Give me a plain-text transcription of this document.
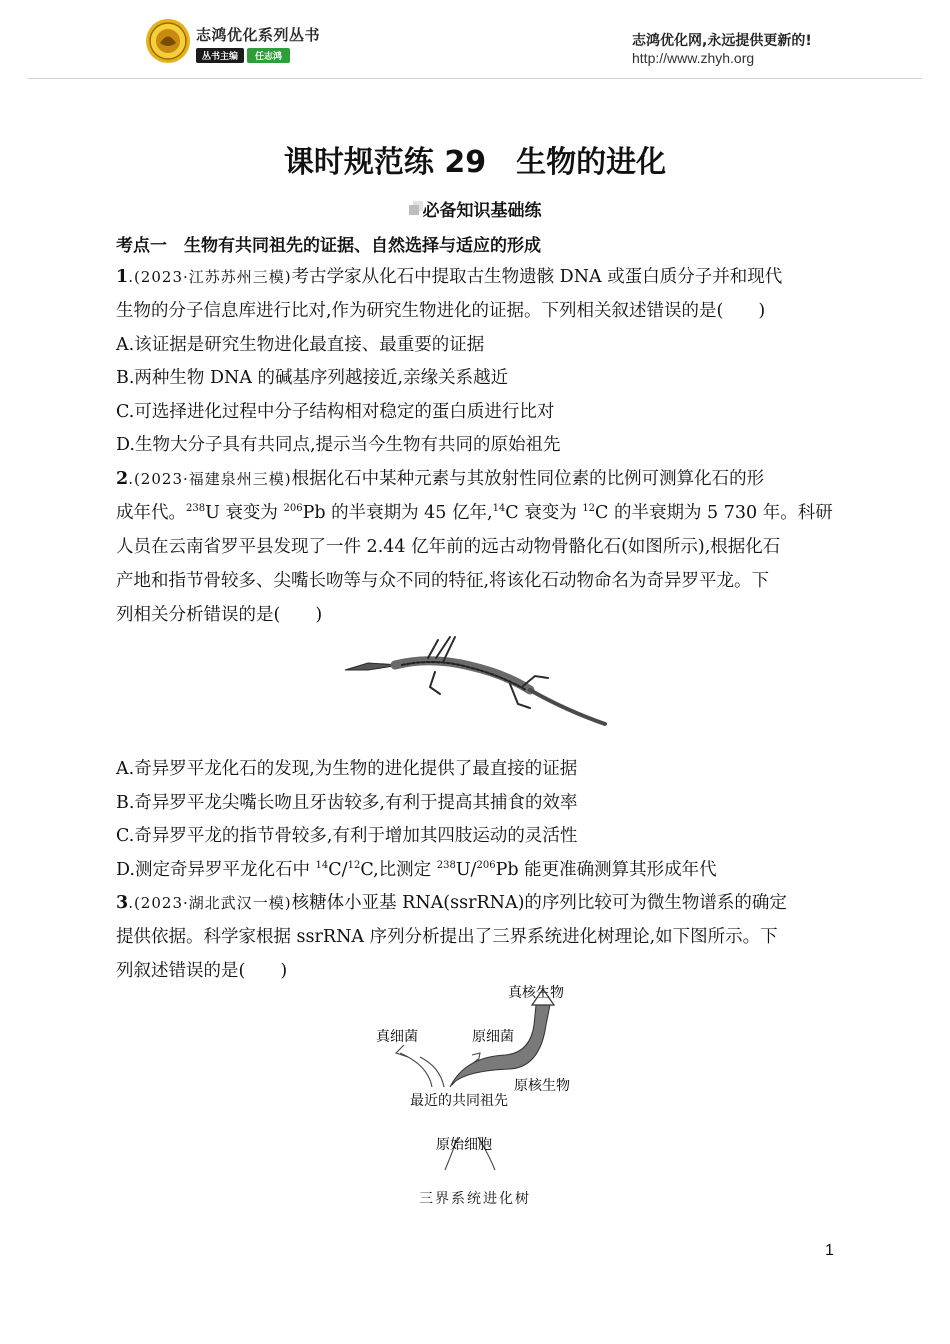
志鸿优化系列丛书
丛书主编	任志鸿
志鸿优化网,永远提供更新的!
http://www.zhyh.org
课时规范练 29　生物的进化
必备知识基础练
考点一　生物有共同祖先的证据、自然选择与适应的形成
1.(2023·江苏苏州三模)考古学家从化石中提取古生物遗骸 DNA 或蛋白质分子并和现代
生物的分子信息库进行比对,作为研究生物进化的证据。下列相关叙述错误的是(　　)
A.该证据是研究生物进化最直接、最重要的证据
B.两种生物 DNA 的碱基序列越接近,亲缘关系越近
C.可选择进化过程中分子结构相对稳定的蛋白质进行比对
D.生物大分子具有共同点,提示当今生物有共同的原始祖先
2.(2023·福建泉州三模)根据化石中某种元素与其放射性同位素的比例可测算化石的形
成年代。$^{238}$U 衰变为 $^{206}$Pb 的半衰期为 45 亿年,$^{14}$C 衰变为 $^{12}$C 的半衰期为 5 730 年。科研
人员在云南省罗平县发现了一件 2.44 亿年前的远古动物骨骼化石(如图所示),根据化石
产地和指节骨较多、尖嘴长吻等与众不同的特征,将该化石动物命名为奇异罗平龙。下
列相关分析错误的是(　　)
A.奇异罗平龙化石的发现,为生物的进化提供了最直接的证据
B.奇异罗平龙尖嘴长吻且牙齿较多,有利于提高其捕食的效率
C.奇异罗平龙的指节骨较多,有利于增加其四肢运动的灵活性
D.测定奇异罗平龙化石中 $^{14}$C/$^{12}$C,比测定 $^{238}$U/$^{206}$Pb 能更准确测算其形成年代
3.(2023·湖北武汉一模)核糖体小亚基 RNA(ssrRNA)的序列比较可为微生物谱系的确定
提供依据。科学家根据 ssrRNA 序列分析提出了三界系统进化树理论,如下图所示。下
列叙述错误的是(　　)
真核生物
真细菌	原细菌
原核生物
最近的共同祖先
原始细胞
三界系统进化树
1
